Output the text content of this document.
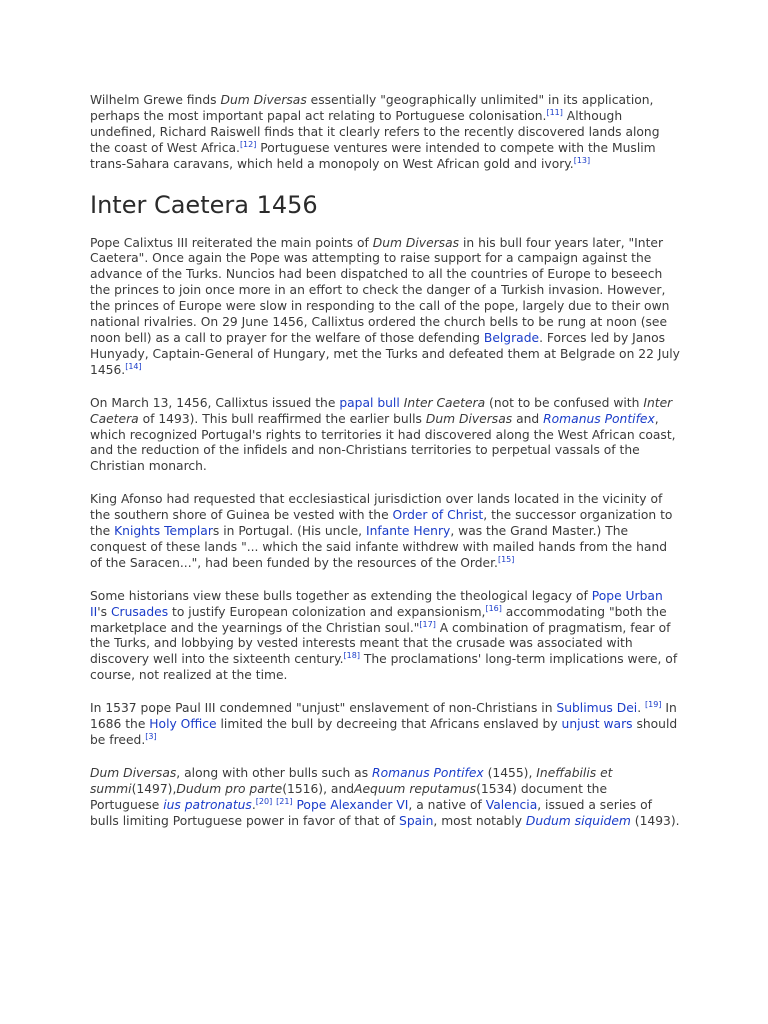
Wilhelm Grewe finds Dum Diversas essentially "geographically unlimited" in its application, perhaps the most important papal act relating to Portuguese colonisation.[11] Although undefined, Richard Raiswell finds that it clearly refers to the recently discovered lands along the coast of West Africa.[12] Portuguese ventures were intended to compete with the Muslim trans-Sahara caravans, which held a monopoly on West African gold and ivory.[13]

Inter Caetera 1456

Pope Calixtus III reiterated the main points of Dum Diversas in his bull four years later, "Inter Caetera". Once again the Pope was attempting to raise support for a campaign against the advance of the Turks. Nuncios had been dispatched to all the countries of Europe to beseech the princes to join once more in an effort to check the danger of a Turkish invasion. However, the princes of Europe were slow in responding to the call of the pope, largely due to their own national rivalries. On 29 June 1456, Callixtus ordered the church bells to be rung at noon (see noon bell) as a call to prayer for the welfare of those defending Belgrade. Forces led by Janos Hunyady, Captain-General of Hungary, met the Turks and defeated them at Belgrade on 22 July 1456.[14]

On March 13, 1456, Callixtus issued the papal bull Inter Caetera (not to be confused with Inter Caetera of 1493). This bull reaffirmed the earlier bulls Dum Diversas and Romanus Pontifex, which recognized Portugal's rights to territories it had discovered along the West African coast, and the reduction of the infidels and non-Christians territories to perpetual vassals of the Christian monarch.

King Afonso had requested that ecclesiastical jurisdiction over lands located in the vicinity of the southern shore of Guinea be vested with the Order of Christ, the successor organization to the Knights Templars in Portugal. (His uncle, Infante Henry, was the Grand Master.) The conquest of these lands "... which the said infante withdrew with mailed hands from the hand of the Saracen...", had been funded by the resources of the Order.[15]

Some historians view these bulls together as extending the theological legacy of Pope Urban II's Crusades to justify European colonization and expansionism,[16] accommodating "both the marketplace and the yearnings of the Christian soul."[17] A combination of pragmatism, fear of the Turks, and lobbying by vested interests meant that the crusade was associated with discovery well into the sixteenth century.[18] The proclamations' long-term implications were, of course, not realized at the time.

In 1537 pope Paul III condemned "unjust" enslavement of non-Christians in Sublimus Dei. [19] In 1686 the Holy Office limited the bull by decreeing that Africans enslaved by unjust wars should be freed.[3]

Dum Diversas, along with other bulls such as Romanus Pontifex (1455), Ineffabilis et summi(1497),Dudum pro parte(1516), andAequum reputamus(1534) document the Portuguese ius patronatus.[20] [21] Pope Alexander VI, a native of Valencia, issued a series of bulls limiting Portuguese power in favor of that of Spain, most notably Dudum siquidem (1493).
